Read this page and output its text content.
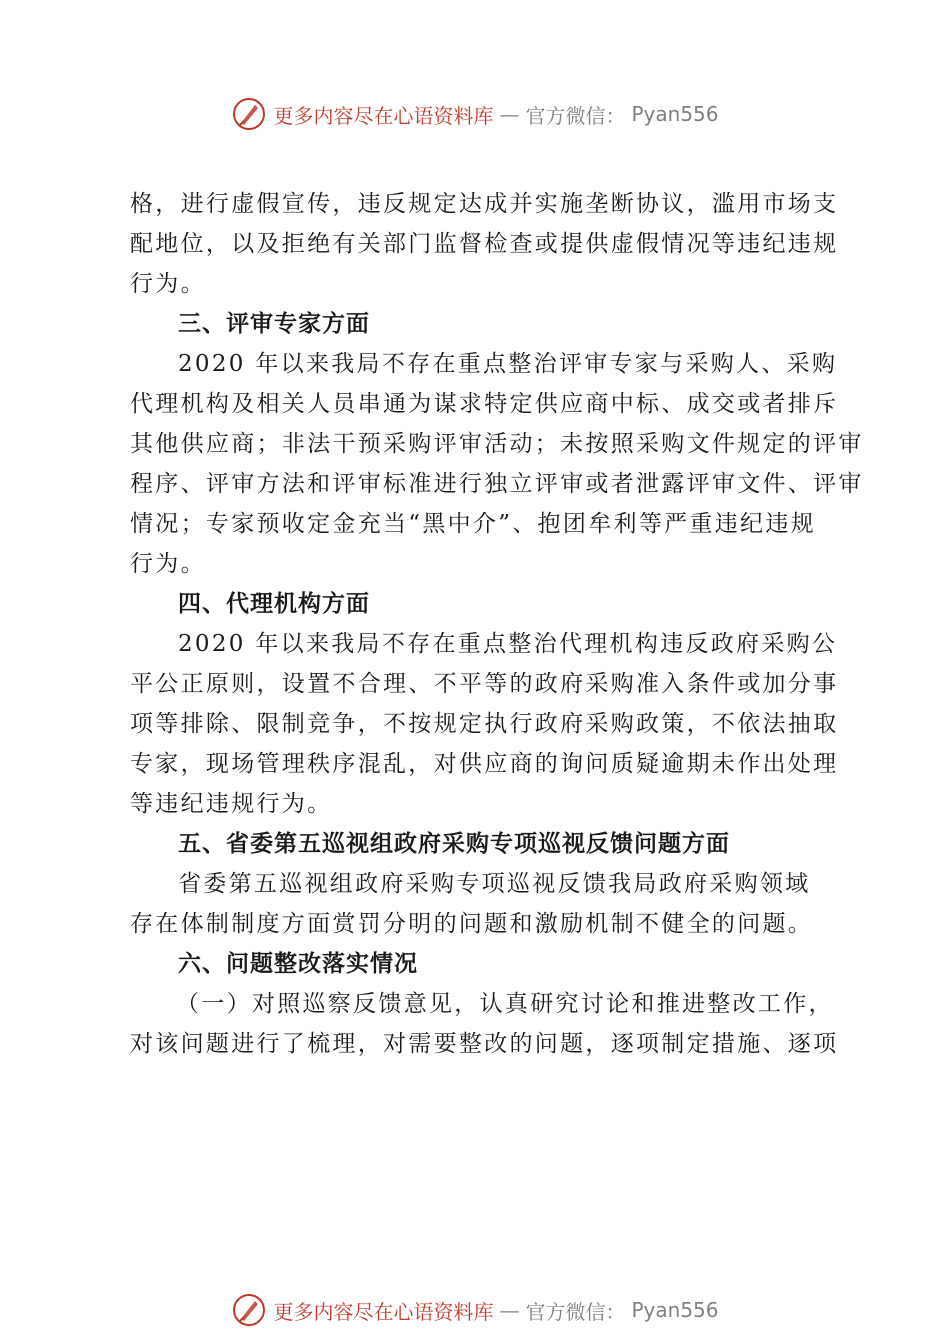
更多内容尽在心语资料库 — 官方微信： Pyan556
格，进行虚假宣传，违反规定达成并实施垄断协议，滥用市场支
配地位，以及拒绝有关部门监督检查或提供虚假情况等违纪违规
行为。
三、评审专家方面
2020 年以来我局不存在重点整治评审专家与采购人、采购
代理机构及相关人员串通为谋求特定供应商中标、成交或者排斥
其他供应商；非法干预采购评审活动；未按照采购文件规定的评审
程序、评审方法和评审标准进行独立评审或者泄露评审文件、评审
情况；专家预收定金充当“黑中介”、抱团牟利等严重违纪违规
行为。
四、代理机构方面
2020 年以来我局不存在重点整治代理机构违反政府采购公
平公正原则，设置不合理、不平等的政府采购准入条件或加分事
项等排除、限制竞争，不按规定执行政府采购政策，不依法抽取
专家，现场管理秩序混乱，对供应商的询问质疑逾期未作出处理
等违纪违规行为。
五、省委第五巡视组政府采购专项巡视反馈问题方面
省委第五巡视组政府采购专项巡视反馈我局政府采购领域
存在体制制度方面赏罚分明的问题和激励机制不健全的问题。
六、问题整改落实情况
（一）对照巡察反馈意见，认真研究讨论和推进整改工作，
对该问题进行了梳理，对需要整改的问题，逐项制定措施、逐项
更多内容尽在心语资料库 — 官方微信： Pyan556
